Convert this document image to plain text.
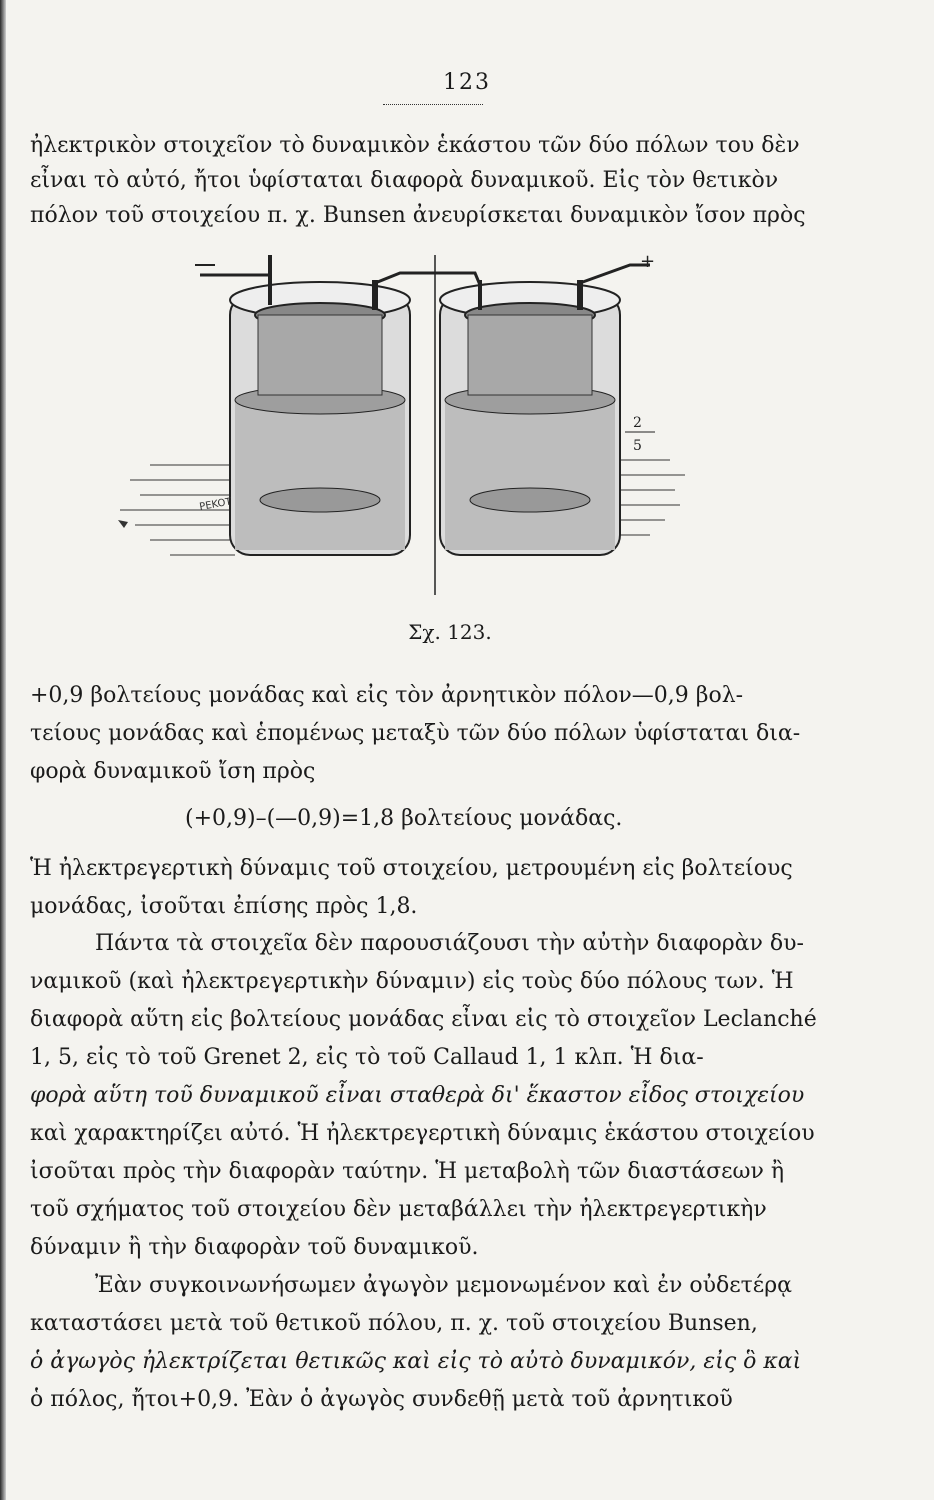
123
ἠλεκτρικὸν στοιχεῖον τὸ δυναμικὸν ἑκάστου τῶν δύο πόλων του δὲν
εἶναι τὸ αὐτό, ἤτοι ὑφίσταται διαφορὰ δυναμικοῦ. Εἰς τὸν θετικὸν
πόλον τοῦ στοιχείου π. χ. Bunsen ἀνευρίσκεται δυναμικὸν ἴσον πρὸς
+
2
5
PEKOT
Σχ. 123.
+0,9 βολτείους μονάδας καὶ εἰς τὸν ἀρνητικὸν πόλον—0,9 βολ-
τείους μονάδας καὶ ἑπομένως μεταξὺ τῶν δύο πόλων ὑφίσταται δια-
φορὰ δυναμικοῦ ἴση πρὸς
(+0,9)–(—0,9)=1,8 βολτείους μονάδας.
Ἡ ἠλεκτρεγερτικὴ δύναμις τοῦ στοιχείου, μετρουμένη εἰς βολτείους
μονάδας, ἰσοῦται ἐπίσης πρὸς 1,8.
Πάντα τὰ στοιχεῖα δὲν παρουσιάζουσι τὴν αὐτὴν διαφορὰν δυ-
ναμικοῦ (καὶ ἠλεκτρεγερτικὴν δύναμιν) εἰς τοὺς δύο πόλους των. Ἡ
διαφορὰ αὕτη εἰς βολτείους μονάδας εἶναι εἰς τὸ στοιχεῖον Leclanché
1, 5, εἰς τὸ τοῦ Grenet 2, εἰς τὸ τοῦ Callaud 1, 1 κλπ. Ἡ δια-
φορὰ αὕτη τοῦ δυναμικοῦ εἶναι σταθερὰ δι' ἕκαστον εἶδος στοιχείου
καὶ χαρακτηρίζει αὐτό. Ἡ ἠλεκτρεγερτικὴ δύναμις ἑκάστου στοιχείου
ἰσοῦται πρὸς τὴν διαφορὰν ταύτην. Ἡ μεταβολὴ τῶν διαστάσεων ἢ
τοῦ σχήματος τοῦ στοιχείου δὲν μεταβάλλει τὴν ἠλεκτρεγερτικὴν
δύναμιν ἢ τὴν διαφορὰν τοῦ δυναμικοῦ.
Ἐὰν συγκοινωνήσωμεν ἀγωγὸν μεμονωμένον καὶ ἐν οὐδετέρᾳ
καταστάσει μετὰ τοῦ θετικοῦ πόλου, π. χ. τοῦ στοιχείου Bunsen,
ὁ ἀγωγὸς ἠλεκτρίζεται θετικῶς καὶ εἰς τὸ αὐτὸ δυναμικόν, εἰς ὃ καὶ
ὁ πόλος, ἤτοι+0,9. Ἐὰν ὁ ἀγωγὸς συνδεθῇ μετὰ τοῦ ἀρνητικοῦ
